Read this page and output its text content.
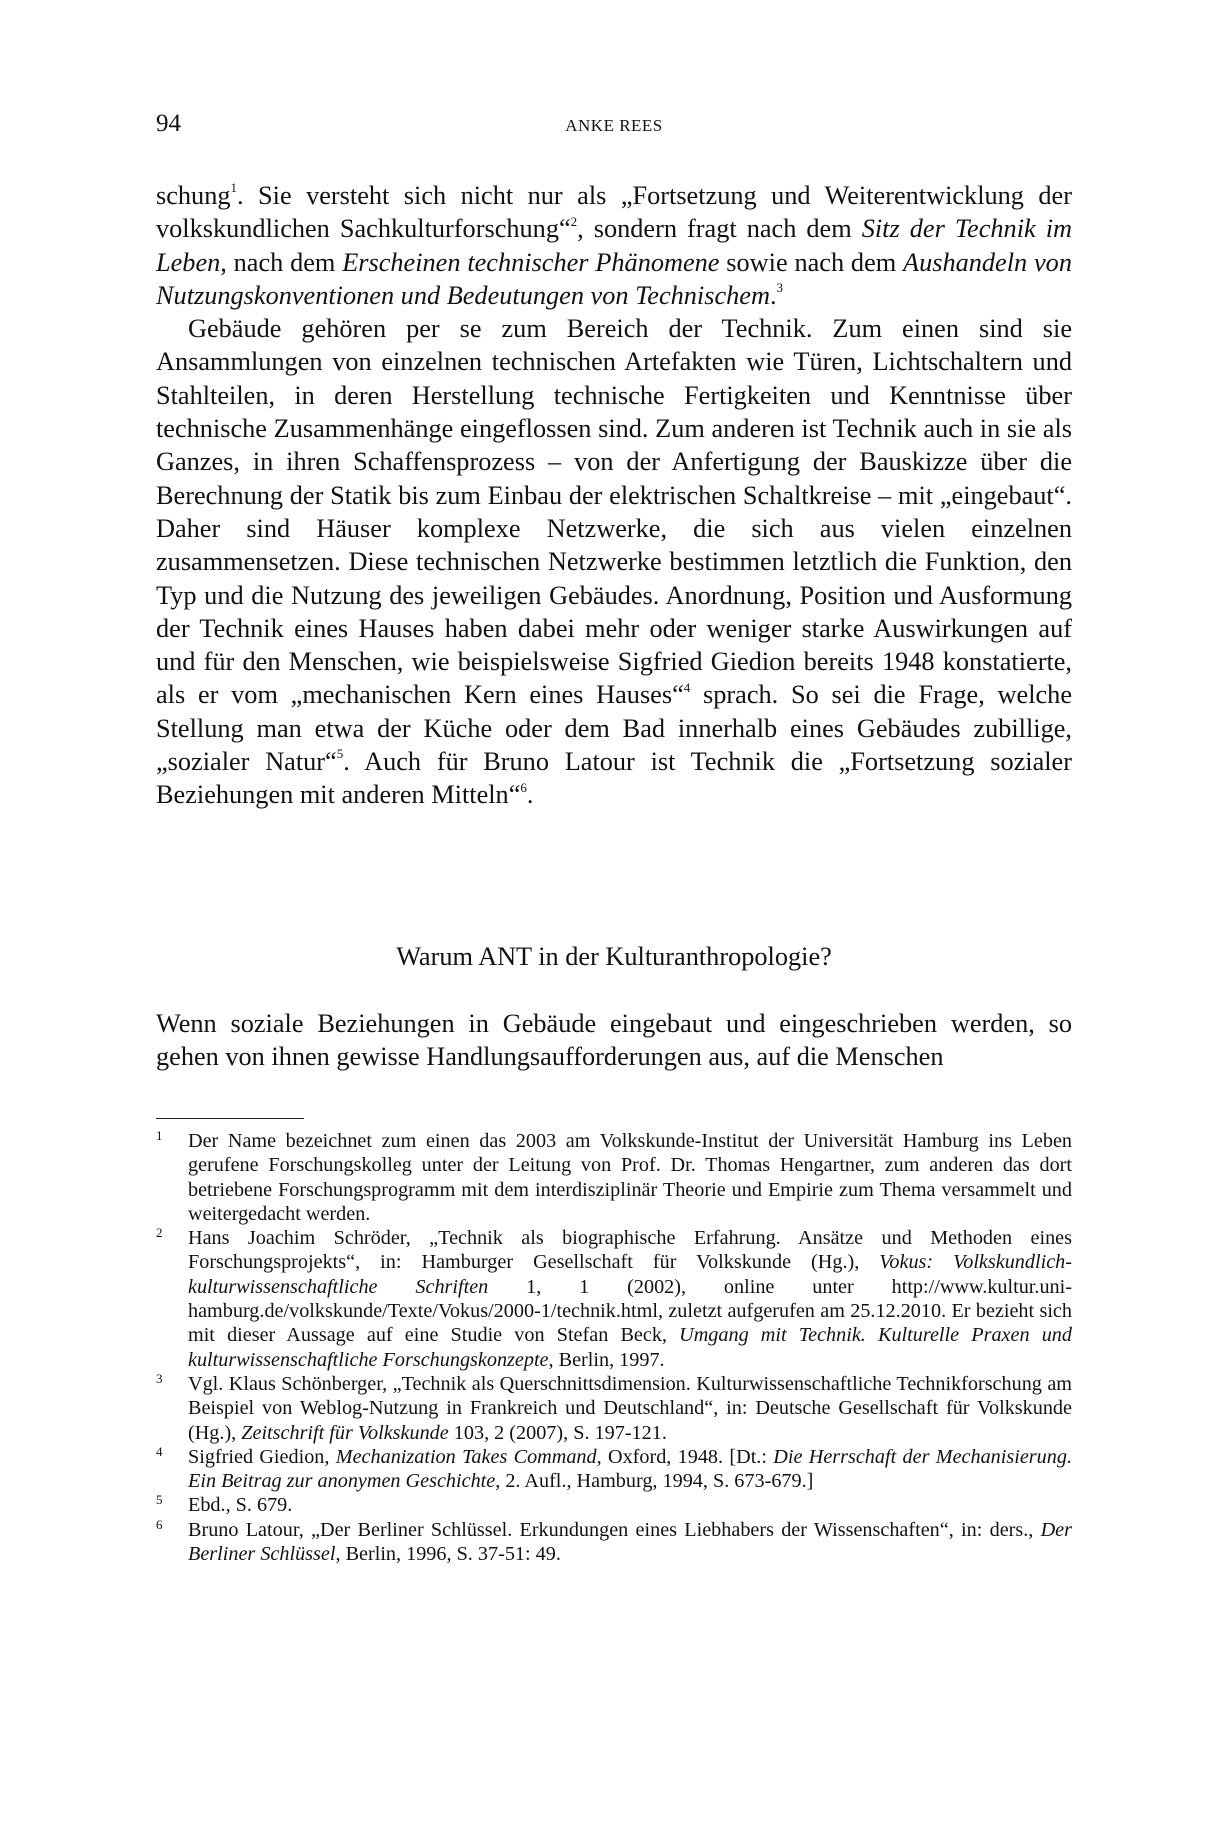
94	ANKE REES

schung$^1$. Sie versteht sich nicht nur als „Fortsetzung und Weiterentwicklung der volkskundlichen Sachkulturforschung“$^2$, sondern fragt nach dem Sitz der Technik im Leben, nach dem Erscheinen technischer Phänomene sowie nach dem Aushandeln von Nutzungskonventionen und Bedeutungen von Technischem.$^3$

Gebäude gehören per se zum Bereich der Technik. Zum einen sind sie Ansammlungen von einzelnen technischen Artefakten wie Türen, Lichtschaltern und Stahlteilen, in deren Herstellung technische Fertigkeiten und Kenntnisse über technische Zusammenhänge eingeflossen sind. Zum anderen ist Technik auch in sie als Ganzes, in ihren Schaffensprozess – von der Anfertigung der Bauskizze über die Berechnung der Statik bis zum Einbau der elektrischen Schaltkreise – mit „eingebaut“. Daher sind Häuser komplexe Netzwerke, die sich aus vielen einzelnen zusammensetzen. Diese technischen Netzwerke bestimmen letztlich die Funktion, den Typ und die Nutzung des jeweiligen Gebäudes. Anordnung, Position und Ausformung der Technik eines Hauses haben dabei mehr oder weniger starke Auswirkungen auf und für den Menschen, wie beispielsweise Sigfried Giedion bereits 1948 konstatierte, als er vom „mechanischen Kern eines Hauses“$^4$ sprach. So sei die Frage, welche Stellung man etwa der Küche oder dem Bad innerhalb eines Gebäudes zubillige, „sozialer Natur“$^5$. Auch für Bruno Latour ist Technik die „Fortsetzung sozialer Beziehungen mit anderen Mitteln“$^6$.

Warum ANT in der Kulturanthropologie?

Wenn soziale Beziehungen in Gebäude eingebaut und eingeschrieben werden, so gehen von ihnen gewisse Handlungsaufforderungen aus, auf die Menschen

1 Der Name bezeichnet zum einen das 2003 am Volkskunde-Institut der Universität Hamburg ins Leben gerufene Forschungskolleg unter der Leitung von Prof. Dr. Thomas Hengartner, zum anderen das dort betriebene Forschungsprogramm mit dem interdisziplinär Theorie und Empirie zum Thema versammelt und weitergedacht werden.
2 Hans Joachim Schröder, „Technik als biographische Erfahrung. Ansätze und Methoden eines Forschungsprojekts“, in: Hamburger Gesellschaft für Volkskunde (Hg.), Vokus: Volkskundlich-kulturwissenschaftliche Schriften 1, 1 (2002), online unter http://www.kultur.uni-hamburg.de/volkskunde/Texte/Vokus/2000-1/technik.html, zuletzt aufgerufen am 25.12.2010. Er bezieht sich mit dieser Aussage auf eine Studie von Stefan Beck, Umgang mit Technik. Kulturelle Praxen und kulturwissenschaftliche Forschungskonzepte, Berlin, 1997.
3 Vgl. Klaus Schönberger, „Technik als Querschnittsdimension. Kulturwissenschaftliche Technikforschung am Beispiel von Weblog-Nutzung in Frankreich und Deutschland“, in: Deutsche Gesellschaft für Volkskunde (Hg.), Zeitschrift für Volkskunde 103, 2 (2007), S. 197-121.
4 Sigfried Giedion, Mechanization Takes Command, Oxford, 1948. [Dt.: Die Herrschaft der Mechanisierung. Ein Beitrag zur anonymen Geschichte, 2. Aufl., Hamburg, 1994, S. 673-679.]
5 Ebd., S. 679.
6 Bruno Latour, „Der Berliner Schlüssel. Erkundungen eines Liebhabers der Wissenschaften“, in: ders., Der Berliner Schlüssel, Berlin, 1996, S. 37-51: 49.
